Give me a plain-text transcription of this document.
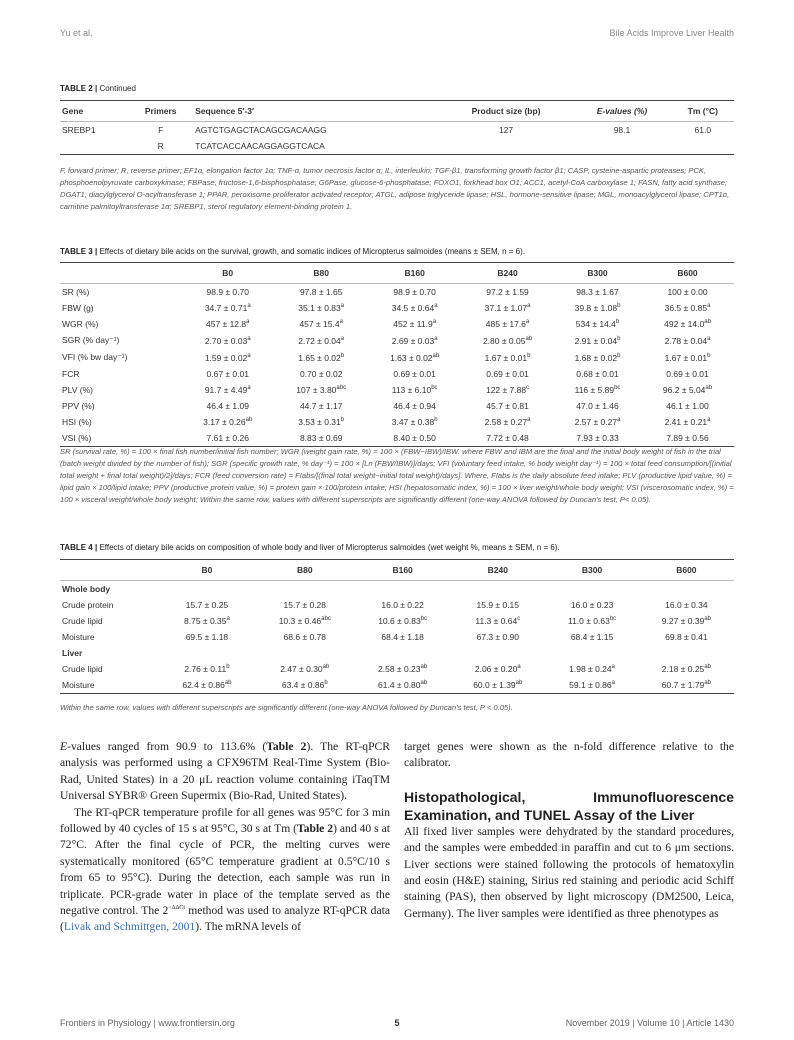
Yu et al.	Bile Acids Improve Liver Health
TABLE 2 | Continued
Gene	Primers	Sequence 5′-3′	Product size (bp)	E-values (%)	Tm (°C)
SREBP1	F	AGTCTGAGCTACAGCGACAAGG	127	98.1	61.0
	R	TCATCACCAACAGGAGGTCACA			
F, forward primer; R, reverse primer; EF1α, elongation factor 1α; TNF-α, tumor necrosis factor α; IL, interleukin; TGF-β1, transforming growth factor β1; CASP, cysteine-aspartic proteases; PCK, phosphoenolpyruvate carboxykinase; FBPase, fructose-1,6-bisphosphatase; G6Pase, glucose-6-phosphatase; FOXO1, forkhead box O1; ACC1, acetyl-CoA carboxylase 1; FASN, fatty acid synthase; DGAT1, diacylglycerol O-acyltransferase 1; PPAR, peroxisome proliferator activated receptor; ATGL, adipose triglyceride lipase; HSL, hormone-sensitive lipase; MGL, monoacylglycerol lipase; CPT1α, carnitine palmitoyltransferase 1α; SREBP1, sterol regulatory element-binding protein 1.
TABLE 3 | Effects of dietary bile acids on the survival, growth, and somatic indices of Micropterus salmoides (means ± SEM, n = 6).
	B0	B80	B160	B240	B300	B600
SR (%)	98.9 ± 0.70	97.8 ± 1.65	98.9 ± 0.70	97.2 ± 1.59	98.3 ± 1.67	100 ± 0.00
FBW (g)	34.7 ± 0.71$^a$	35.1 ± 0.83$^a$	34.5 ± 0.64$^a$	37.1 ± 1.07$^a$	39.8 ± 1.08$^b$	36.5 ± 0.85$^a$
WGR (%)	457 ± 12.8$^a$	457 ± 15.4$^a$	452 ± 11.9$^a$	485 ± 17.6$^a$	534 ± 14.4$^b$	492 ± 14.0$^{ab}$
SGR (% day⁻¹)	2.70 ± 0.03$^a$	2.72 ± 0.04$^a$	2.69 ± 0.03$^a$	2.80 ± 0.05$^{ab}$	2.91 ± 0.04$^b$	2.78 ± 0.04$^a$
VFI (% bw day⁻¹)	1.59 ± 0.02$^a$	1.65 ± 0.02$^b$	1.63 ± 0.02$^{ab}$	1.67 ± 0.01$^b$	1.68 ± 0.02$^b$	1.67 ± 0.01$^b$
FCR	0.67 ± 0.01	0.70 ± 0.02	0.69 ± 0.01	0.69 ± 0.01	0.68 ± 0.01	0.69 ± 0.01
PLV (%)	91.7 ± 4.49$^a$	107 ± 3.80$^{abc}$	113 ± 6.10$^{bc}$	122 ± 7.88$^c$	116 ± 5.89$^{bc}$	96.2 ± 5.04$^{ab}$
PPV (%)	46.4 ± 1.09	44.7 ± 1.17	46.4 ± 0.94	45.7 ± 0.81	47.0 ± 1.46	46.1 ± 1.00
HSI (%)	3.17 ± 0.26$^{ab}$	3.53 ± 0.31$^b$	3.47 ± 0.38$^b$	2.58 ± 0.27$^a$	2.57 ± 0.27$^a$	2.41 ± 0.21$^a$
VSI (%)	7.61 ± 0.26	8.83 ± 0.69	8.40 ± 0.50	7.72 ± 0.48	7.93 ± 0.33	7.89 ± 0.56
SR (survival rate, %) = 100 × final fish number/initial fish number; WGR (weight gain rate, %) = 100 × (FBW−IBW)/IBW. where FBW and IBM are the final and the initial body weight of fish in the trial (batch weight divided by the number of fish); SGR (specific growth rate, % day⁻¹) = 100 × [Ln (FBW/IBW)]/days; VFI (voluntary feed intake, % body weight day⁻¹) = 100 × total feed consumption/[(initial total weight + final total weight)/2]/days; FCR (feed conversion rate) = FIabs/[(final total weight−initial total weight)/days]. Where, FIabs is the daily absolute feed intake; PLV (productive lipid value, %) = lipid gain × 100/lipid intake; PPV (productive protein value, %) = protein gain × 100/protein intake; HSI (hepatosomatic index, %) = 100 × liver weight/whole body weight; VSI (viscerosomatic index, %) = 100 × visceral weight/whole body weight; Within the same row, values with different superscripts are significantly different (one-way ANOVA followed by Duncan's test, P< 0.05).
TABLE 4 | Effects of dietary bile acids on composition of whole body and liver of Micropterus salmoides (wet weight %, means ± SEM, n = 6).
	B0	B80	B160	B240	B300	B600
Whole body						
Crude protein	15.7 ± 0.25	15.7 ± 0.28	16.0 ± 0.22	15.9 ± 0.15	16.0 ± 0.23	16.0 ± 0.34
Crude lipid	8.75 ± 0.35$^a$	10.3 ± 0.46$^{abc}$	10.6 ± 0.83$^{bc}$	11.3 ± 0.64$^c$	11.0 ± 0.63$^{bc}$	9.27 ± 0.39$^{ab}$
Moisture	69.5 ± 1.18	68.6 ± 0.78	68.4 ± 1.18	67.3 ± 0.90	68.4 ± 1.15	69.8 ± 0.41
Liver						
Crude lipid	2.76 ± 0.11$^b$	2.47 ± 0.30$^{ab}$	2.58 ± 0.23$^{ab}$	2.06 ± 0.20$^a$	1.98 ± 0.24$^a$	2.18 ± 0.25$^{ab}$
Moisture	62.4 ± 0.86$^{ab}$	63.4 ± 0.86$^b$	61.4 ± 0.80$^{ab}$	60.0 ± 1.39$^{ab}$	59.1 ± 0.86$^a$	60.7 ± 1.79$^{ab}$
Within the same row, values with different superscripts are significantly different (one-way ANOVA followed by Duncan's test, P < 0.05).

E-values ranged from 90.9 to 113.6% (Table 2). The RT-qPCR analysis was performed using a CFX96TM Real-Time System (Bio-Rad, United States) in a 20 μL reaction volume containing iTaqTM Universal SYBR® Green Supermix (Bio-Rad, United States).

The RT-qPCR temperature profile for all genes was 95°C for 3 min followed by 40 cycles of 15 s at 95°C, 30 s at Tm (Table 2) and 40 s at 72°C. After the final cycle of PCR, the melting curves were systematically monitored (65°C temperature gradient at 0.5°C/10 s from 65 to 95°C). During the detection, each sample was run in triplicate. PCR-grade water in place of the template served as the negative control. The $2^{-\Delta\Delta Ct}$ method was used to analyze RT-qPCR data (Livak and Schmittgen, 2001). The mRNA levels of

target genes were shown as the n-fold difference relative to the calibrator.

Histopathological, Immunofluorescence Examination, and TUNEL Assay of the Liver

All fixed liver samples were dehydrated by the standard procedures, and the samples were embedded in paraffin and cut to 6 μm sections. Liver sections were stained following the protocols of hematoxylin and eosin (H&E) staining, Sirius red staining and periodic acid Schiff staining (PAS), then observed by light microscopy (DM2500, Leica, Germany). The liver samples were identified as three phenotypes as

Frontiers in Physiology | www.frontiersin.org	5	November 2019 | Volume 10 | Article 1430
